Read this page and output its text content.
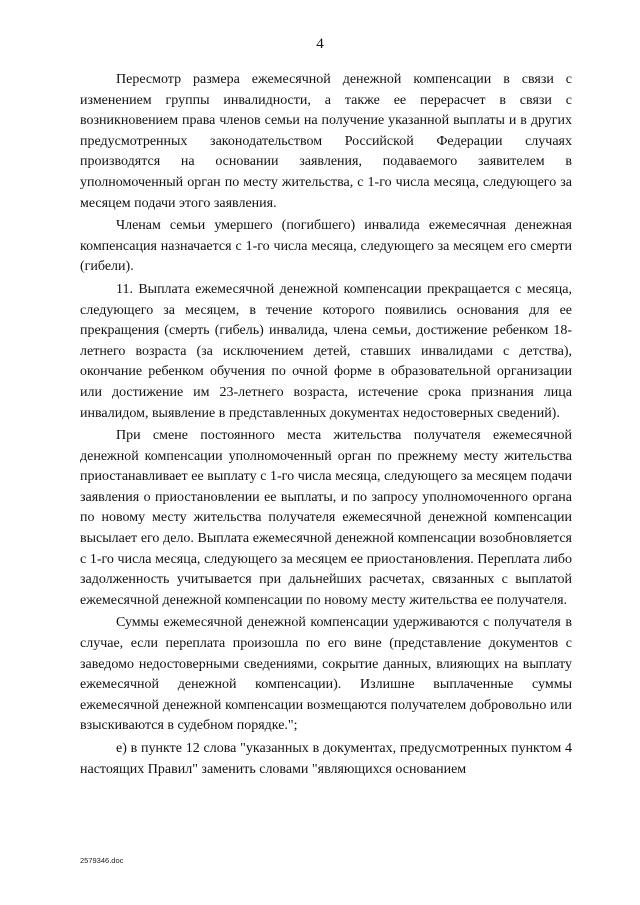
4

Пересмотр размера ежемесячной денежной компенсации в связи с изменением группы инвалидности, а также ее перерасчет в связи с возникновением права членов семьи на получение указанной выплаты и в других предусмотренных законодательством Российской Федерации случаях производятся на основании заявления, подаваемого заявителем в уполномоченный орган по месту жительства, с 1-го числа месяца, следующего за месяцем подачи этого заявления.

Членам семьи умершего (погибшего) инвалида ежемесячная денежная компенсация назначается с 1-го числа месяца, следующего за месяцем его смерти (гибели).

11. Выплата ежемесячной денежной компенсации прекращается с месяца, следующего за месяцем, в течение которого появились основания для ее прекращения (смерть (гибель) инвалида, члена семьи, достижение ребенком 18-летнего возраста (за исключением детей, ставших инвалидами с детства), окончание ребенком обучения по очной форме в образовательной организации или достижение им 23-летнего возраста, истечение срока признания лица инвалидом, выявление в представленных документах недостоверных сведений).

При смене постоянного места жительства получателя ежемесячной денежной компенсации уполномоченный орган по прежнему месту жительства приостанавливает ее выплату с 1-го числа месяца, следующего за месяцем подачи заявления о приостановлении ее выплаты, и по запросу уполномоченного органа по новому месту жительства получателя ежемесячной денежной компенсации высылает его дело. Выплата ежемесячной денежной компенсации возобновляется с 1-го числа месяца, следующего за месяцем ее приостановления. Переплата либо задолженность учитывается при дальнейших расчетах, связанных с выплатой ежемесячной денежной компенсации по новому месту жительства ее получателя.

Суммы ежемесячной денежной компенсации удерживаются с получателя в случае, если переплата произошла по его вине (представление документов с заведомо недостоверными сведениями, сокрытие данных, влияющих на выплату ежемесячной денежной компенсации). Излишне выплаченные суммы ежемесячной денежной компенсации возмещаются получателем добровольно или взыскиваются в судебном порядке.";

е) в пункте 12 слова "указанных в документах, предусмотренных пунктом 4 настоящих Правил" заменить словами "являющихся основанием

2579346.doc
